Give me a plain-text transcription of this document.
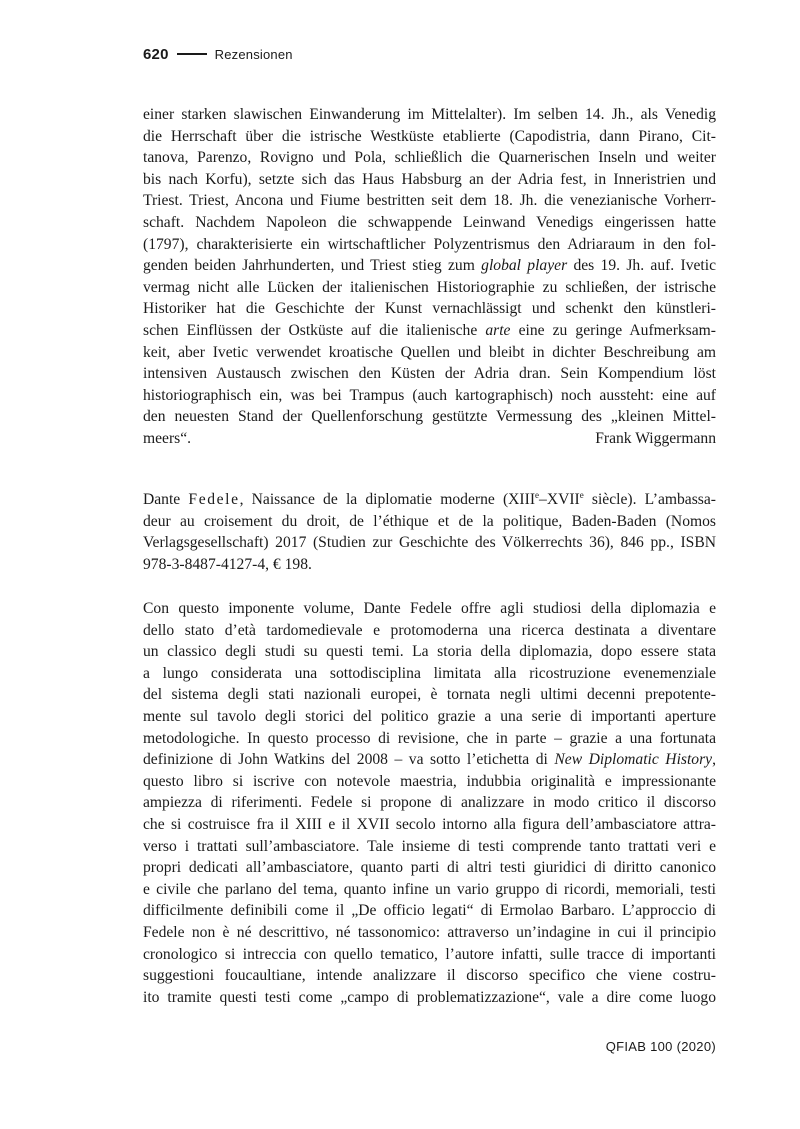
620	Rezensionen
einer starken slawischen Einwanderung im Mittelalter). Im selben 14. Jh., als Venedig
die Herrschaft über die istrische Westküste etablierte (Capodistria, dann Pirano, Cit-
tanova, Parenzo, Rovigno und Pola, schließlich die Quarnerischen Inseln und weiter
bis nach Korfu), setzte sich das Haus Habsburg an der Adria fest, in Inneristrien und
Triest. Triest, Ancona und Fiume bestritten seit dem 18. Jh. die venezianische Vorherr-
schaft. Nachdem Napoleon die schwappende Leinwand Venedigs eingerissen hatte
(1797), charakterisierte ein wirtschaftlicher Polyzentrismus den Adriaraum in den fol-
genden beiden Jahrhunderten, und Triest stieg zum global player des 19. Jh. auf. Ivetic
vermag nicht alle Lücken der italienischen Historiographie zu schließen, der istrische
Historiker hat die Geschichte der Kunst vernachlässigt und schenkt den künstleri-
schen Einflüssen der Ostküste auf die italienische arte eine zu geringe Aufmerksam-
keit, aber Ivetic verwendet kroatische Quellen und bleibt in dichter Beschreibung am
intensiven Austausch zwischen den Küsten der Adria dran. Sein Kompendium löst
historiographisch ein, was bei Trampus (auch kartographisch) noch aussteht: eine auf
den neuesten Stand der Quellenforschung gestützte Vermessung des „kleinen Mittel-
meers“.	Frank Wiggermann
Dante Fedele, Naissance de la diplomatie moderne (XIIIe–XVIIe siècle). L’ambassa-
deur au croisement du droit, de l’éthique et de la politique, Baden-Baden (Nomos
Verlagsgesellschaft) 2017 (Studien zur Geschichte des Völkerrechts 36), 846 pp., ISBN
978-3-8487-4127-4, € 198.
Con questo imponente volume, Dante Fedele offre agli studiosi della diplomazia e
dello stato d’età tardomedievale e protomoderna una ricerca destinata a diventare
un classico degli studi su questi temi. La storia della diplomazia, dopo essere stata
a lungo considerata una sottodisciplina limitata alla ricostruzione evenemenziale
del sistema degli stati nazionali europei, è tornata negli ultimi decenni prepotente-
mente sul tavolo degli storici del politico grazie a una serie di importanti aperture
metodologiche. In questo processo di revisione, che in parte – grazie a una fortunata
definizione di John Watkins del 2008 – va sotto l’etichetta di New Diplomatic History,
questo libro si iscrive con notevole maestria, indubbia originalità e impressionante
ampiezza di riferimenti. Fedele si propone di analizzare in modo critico il discorso
che si costruisce fra il XIII e il XVII secolo intorno alla figura dell’ambasciatore attra-
verso i trattati sull’ambasciatore. Tale insieme di testi comprende tanto trattati veri e
propri dedicati all’ambasciatore, quanto parti di altri testi giuridici di diritto canonico
e civile che parlano del tema, quanto infine un vario gruppo di ricordi, memoriali, testi
difficilmente definibili come il „De officio legati“ di Ermolao Barbaro. L’approccio di
Fedele non è né descrittivo, né tassonomico: attraverso un’indagine in cui il principio
cronologico si intreccia con quello tematico, l’autore infatti, sulle tracce di importanti
suggestioni foucaultiane, intende analizzare il discorso specifico che viene costru-
ito tramite questi testi come „campo di problematizzazione“, vale a dire come luogo
QFIAB 100 (2020)
